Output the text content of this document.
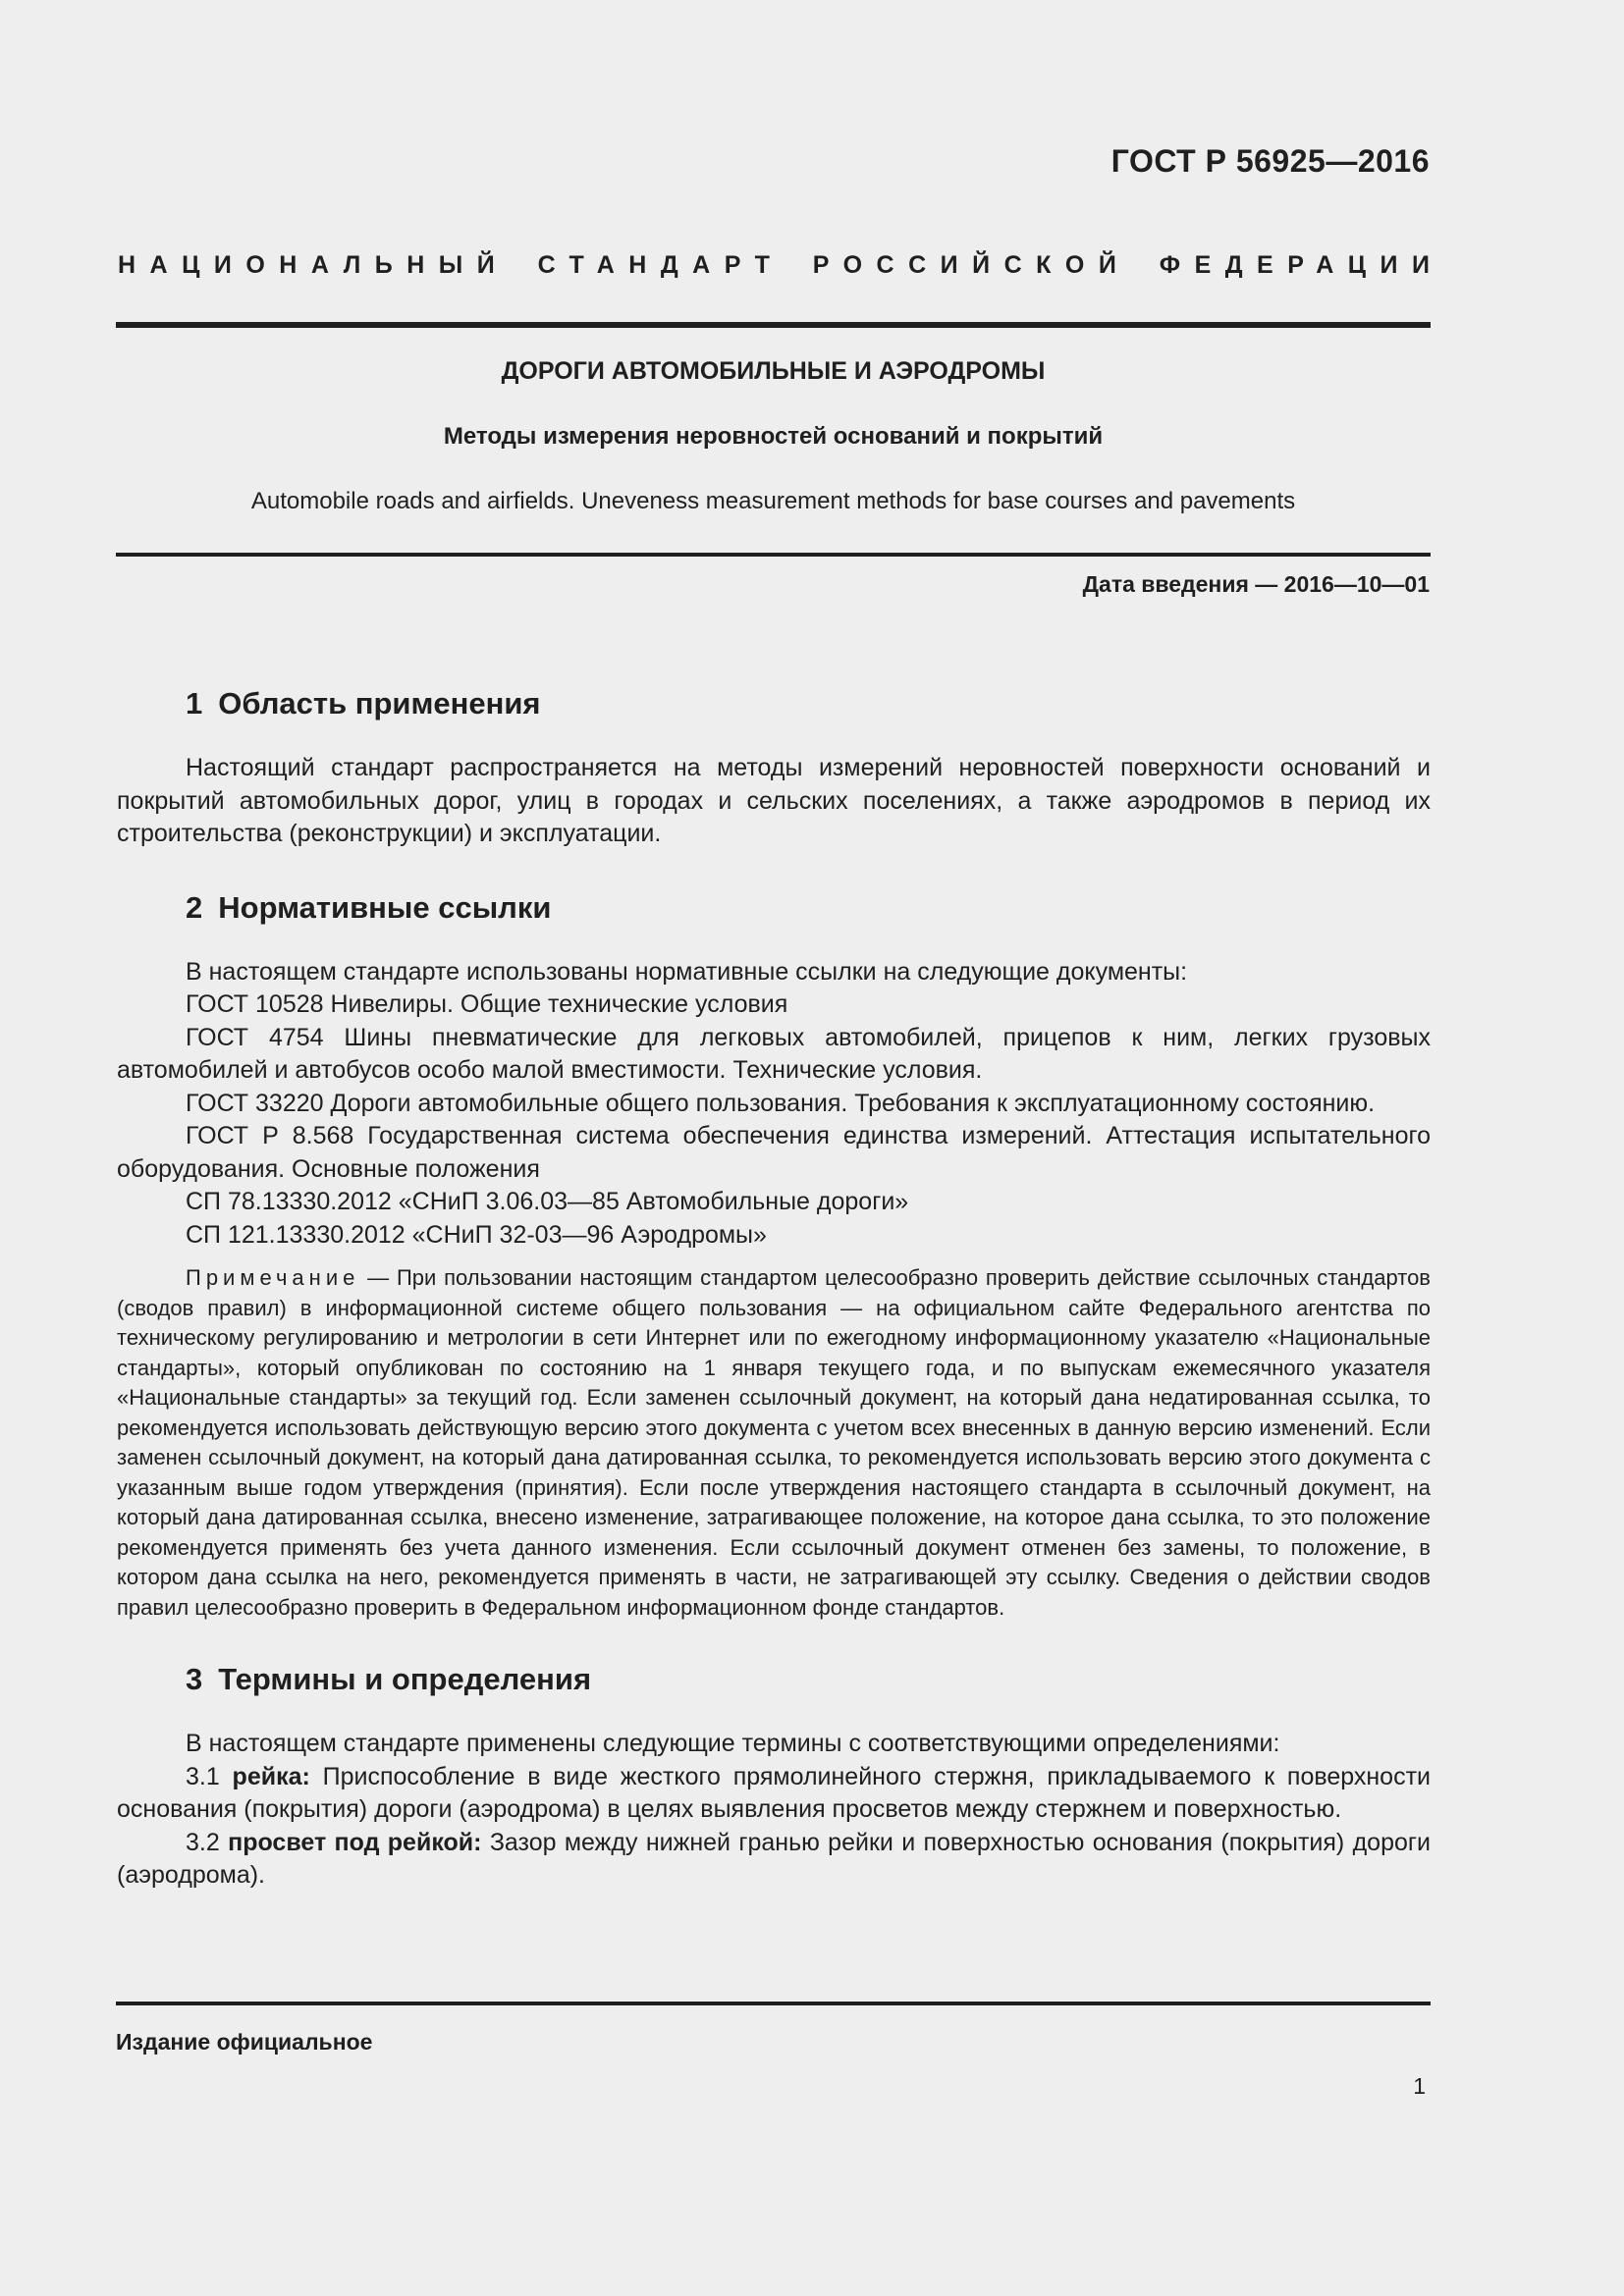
ГОСТ Р 56925—2016
НАЦИОНАЛЬНЫЙ СТАНДАРТ РОССИЙСКОЙ ФЕДЕРАЦИИ
ДОРОГИ АВТОМОБИЛЬНЫЕ И АЭРОДРОМЫ
Методы измерения неровностей оснований и покрытий
Automobile roads and airfields. Uneveness measurement methods for base courses and pavements
Дата введения — 2016—10—01
1 Область применения

Настоящий стандарт распространяется на методы измерений неровностей поверхности оснований и покрытий автомобильных дорог, улиц в городах и сельских поселениях, а также аэродромов в период их строительства (реконструкции) и эксплуатации.

2 Нормативные ссылки

В настоящем стандарте использованы нормативные ссылки на следующие документы:

ГОСТ 10528 Нивелиры. Общие технические условия

ГОСТ 4754 Шины пневматические для легковых автомобилей, прицепов к ним, легких грузовых автомобилей и автобусов особо малой вместимости. Технические условия.

ГОСТ 33220 Дороги автомобильные общего пользования. Требования к эксплуатационному состоянию.

ГОСТ Р 8.568 Государственная система обеспечения единства измерений. Аттестация испытательного оборудования. Основные положения

СП 78.13330.2012 «СНиП 3.06.03—85 Автомобильные дороги»

СП 121.13330.2012 «СНиП 32-03—96 Аэродромы»

Примечание — При пользовании настоящим стандартом целесообразно проверить действие ссылочных стандартов (сводов правил) в информационной системе общего пользования — на официальном сайте Федерального агентства по техническому регулированию и метрологии в сети Интернет или по ежегодному информационному указателю «Национальные стандарты», который опубликован по состоянию на 1 января текущего года, и по выпускам ежемесячного указателя «Национальные стандарты» за текущий год. Если заменен ссылочный документ, на который дана недатированная ссылка, то рекомендуется использовать действующую версию этого документа с учетом всех внесенных в данную версию изменений. Если заменен ссылочный документ, на который дана датированная ссылка, то рекомендуется использовать версию этого документа с указанным выше годом утверждения (принятия). Если после утверждения настоящего стандарта в ссылочный документ, на который дана датированная ссылка, внесено изменение, затрагивающее положение, на которое дана ссылка, то это положение рекомендуется применять без учета данного изменения. Если ссылочный документ отменен без замены, то положение, в котором дана ссылка на него, рекомендуется применять в части, не затрагивающей эту ссылку. Сведения о действии сводов правил целесообразно проверить в Федеральном информационном фонде стандартов.

3 Термины и определения

В настоящем стандарте применены следующие термины с соответствующими определениями:

3.1 рейка: Приспособление в виде жесткого прямолинейного стержня, прикладываемого к поверхности основания (покрытия) дороги (аэродрома) в целях выявления просветов между стержнем и поверхностью.

3.2 просвет под рейкой: Зазор между нижней гранью рейки и поверхностью основания (покрытия) дороги (аэродрома).

Издание официальное
1
